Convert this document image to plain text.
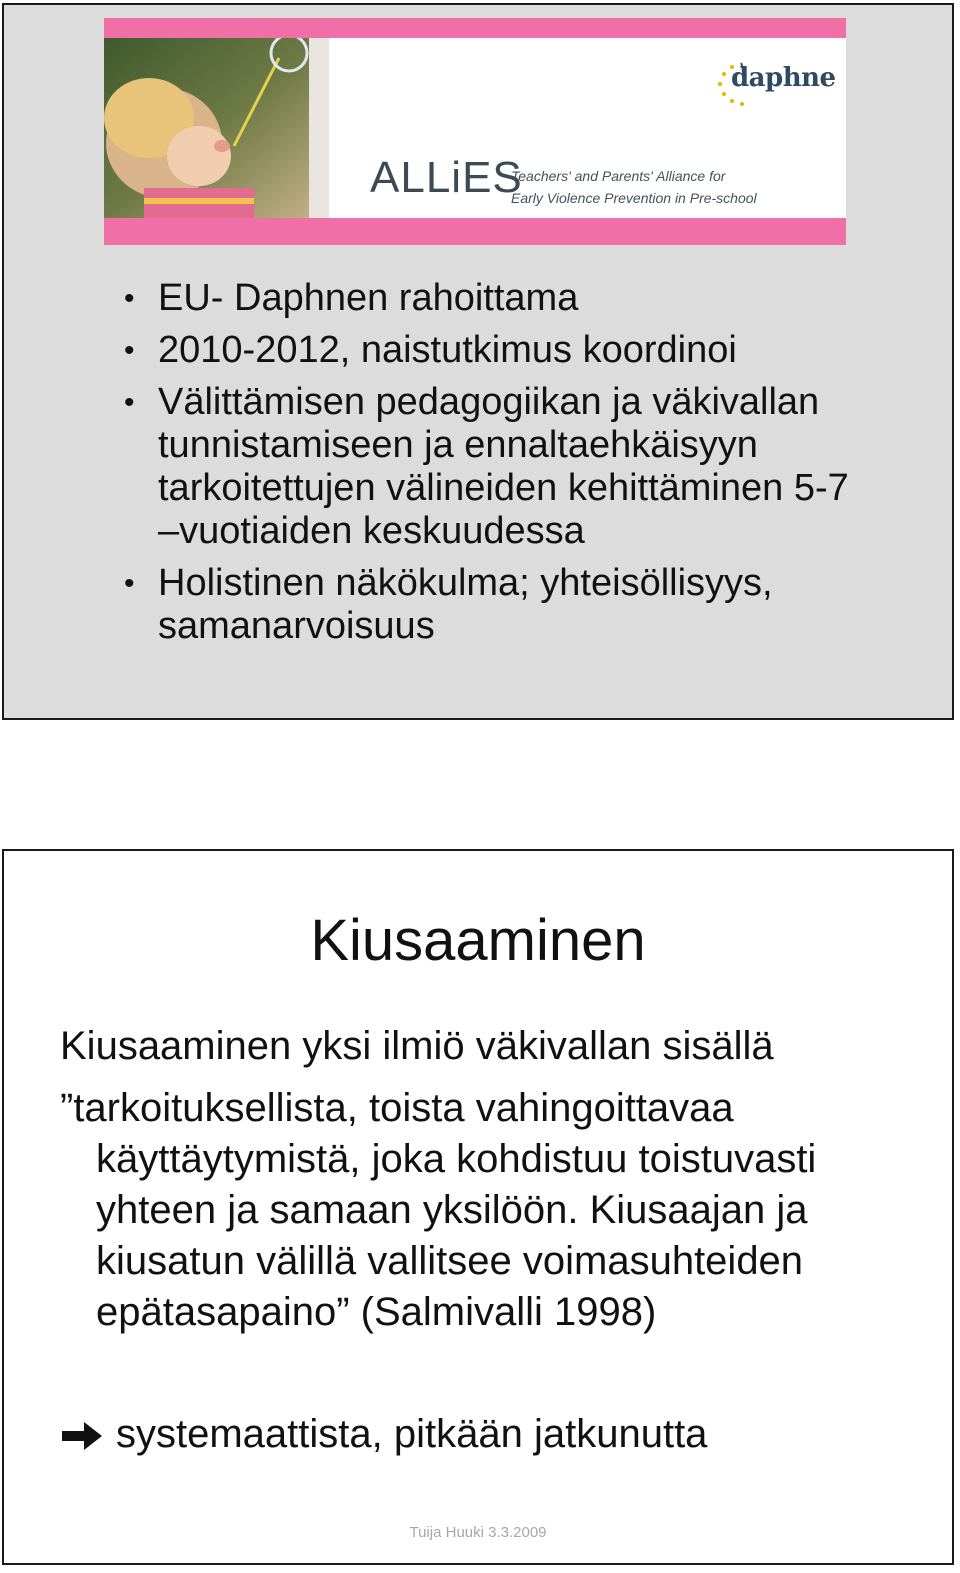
daphne
ALLiES
Teachers' and Parents' Alliance for
Early Violence Prevention in Pre-school
• EU- Daphnen rahoittama
• 2010-2012, naistutkimus koordinoi
• Välittämisen pedagogiikan ja väkivallan
tunnistamiseen ja ennaltaehkäisyyn
tarkoitettujen välineiden kehittäminen 5-7
–vuotiaiden keskuudessa
• Holistinen näkökulma; yhteisöllisyys,
samanarvoisuus
Kiusaaminen
Kiusaaminen yksi ilmiö väkivallan sisällä
”tarkoituksellista, toista vahingoittavaa
käyttäytymistä, joka kohdistuu toistuvasti
yhteen ja samaan yksilöön. Kiusaajan ja
kiusatun välillä vallitsee voimasuhteiden
epätasapaino” (Salmivalli 1998)
systemaattista, pitkään jatkunutta
Tuija Huuki 3.3.2009
